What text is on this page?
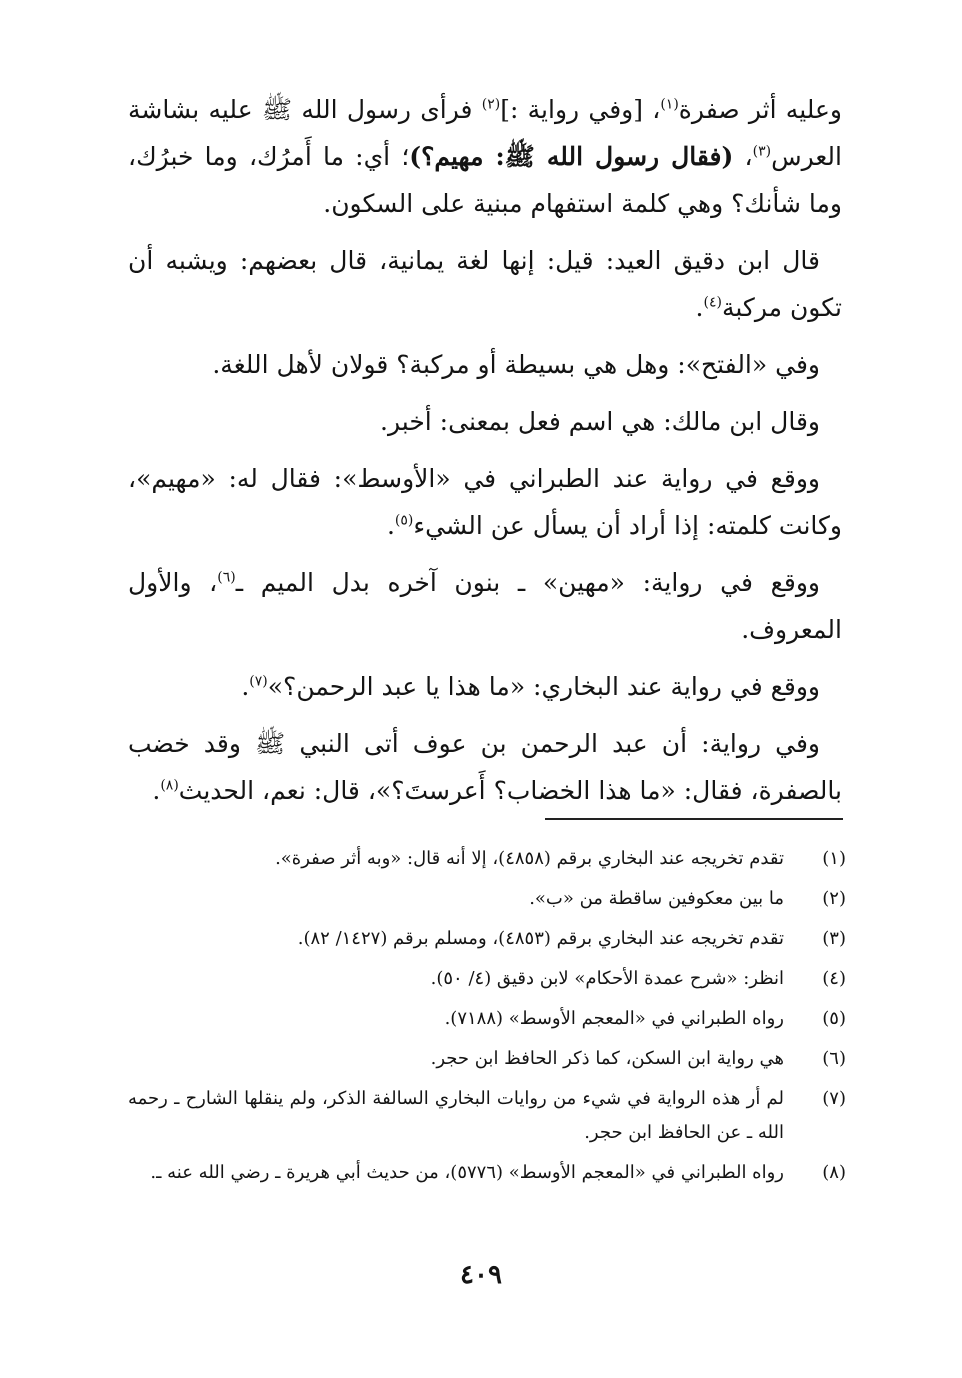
وعليه أثر صفرة$^{(١)}$، [وفي رواية :]$^{(٢)}$ فرأى رسول الله ﷺ عليه بشاشة العرس$^{(٣)}$، (فقال رسول الله ﷺ: مهيم؟)؛ أي: ما أَمرُك، وما خبرُك، وما شأنك؟ وهي كلمة استفهام مبنية على السكون.

قال ابن دقيق العيد: قيل: إنها لغة يمانية، قال بعضهم: ويشبه أن تكون مركبة$^{(٤)}$.

وفي «الفتح»: وهل هي بسيطة أو مركبة؟ قولان لأهل اللغة.

وقال ابن مالك: هي اسم فعل بمعنى: أخبر.

ووقع في رواية عند الطبراني في «الأوسط»: فقال له: «مهيم»، وكانت كلمته: إذا أراد أن يسأل عن الشيء$^{(٥)}$.

ووقع في رواية: «مهين» ـ بنون آخره بدل الميم ـ$^{(٦)}$، والأول المعروف.

ووقع في رواية عند البخاري: «ما هذا يا عبد الرحمن؟»$^{(٧)}$.

وفي رواية: أن عبد الرحمن بن عوف أتى النبي ﷺ وقد خضب بالصفرة، فقال: «ما هذا الخضاب؟ أَعرستَ؟»، قال: نعم، الحديث$^{(٨)}$.

(١)
تقدم تخريجه عند البخاري برقم (٤٨٥٨)، إلا أنه قال: «وبه أثر صفرة».
(٢)
ما بين معكوفين ساقطة من «ب».
(٣)
تقدم تخريجه عند البخاري برقم (٤٨٥٣)، ومسلم برقم (١٤٢٧/ ٨٢).
(٤)
انظر: «شرح عمدة الأحكام» لابن دقيق (٤/ ٥٠).
(٥)
رواه الطبراني في «المعجم الأوسط» (٧١٨٨).
(٦)
هي رواية ابن السكن، كما ذكر الحافظ ابن حجر.
(٧)
لم أر هذه الرواية في شيء من روايات البخاري السالفة الذكر، ولم ينقلها الشارح ـ رحمه الله ـ عن الحافظ ابن حجر.
(٨)
رواه الطبراني في «المعجم الأوسط» (٥٧٧٦)، من حديث أبي هريرة ـ رضي الله عنه ـ.
٤٠٩
